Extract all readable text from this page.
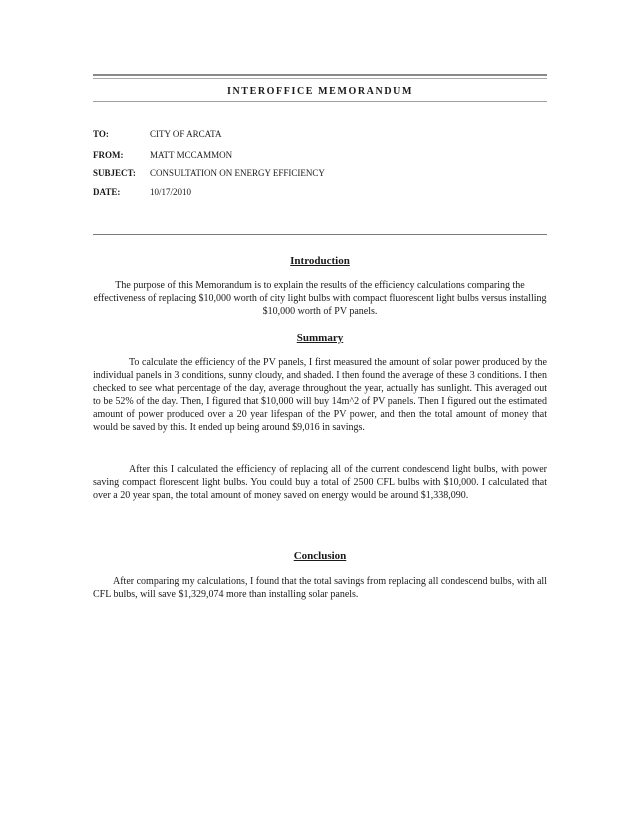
INTEROFFICE MEMORANDUM
TO:	CITY OF ARCATA
FROM:	MATT MCCAMMON
SUBJECT: CONSULTATION ON ENERGY EFFICIENCY
DATE:	10/17/2010
Introduction
The purpose of this Memorandum is to explain the results of the efficiency calculations comparing the effectiveness of replacing $10,000 worth of city light bulbs with compact fluorescent light bulbs versus installing $10,000 worth of PV panels.
Summary
To calculate the efficiency of the PV panels, I first measured the amount of solar power produced by the individual panels in 3 conditions, sunny cloudy, and shaded. I then found the average of these 3 conditions. I then checked to see what percentage of the day, average throughout the year, actually has sunlight. This averaged out to be 52% of the day. Then, I figured that $10,000 will buy 14m^2 of PV panels. Then I figured out the estimated amount of power produced over a 20 year lifespan of the PV power, and then the total amount of money that would be saved by this. It ended up being around $9,016 in savings.
After this I calculated the efficiency of replacing all of the current condescend light bulbs, with power saving compact florescent light bulbs. You could buy a total of 2500 CFL bulbs with $10,000. I calculated that over a 20 year span, the total amount of money saved on energy would be around $1,338,090.
Conclusion
After comparing my calculations, I found that the total savings from replacing all condescend bulbs, with all CFL bulbs, will save $1,329,074 more than installing solar panels.
